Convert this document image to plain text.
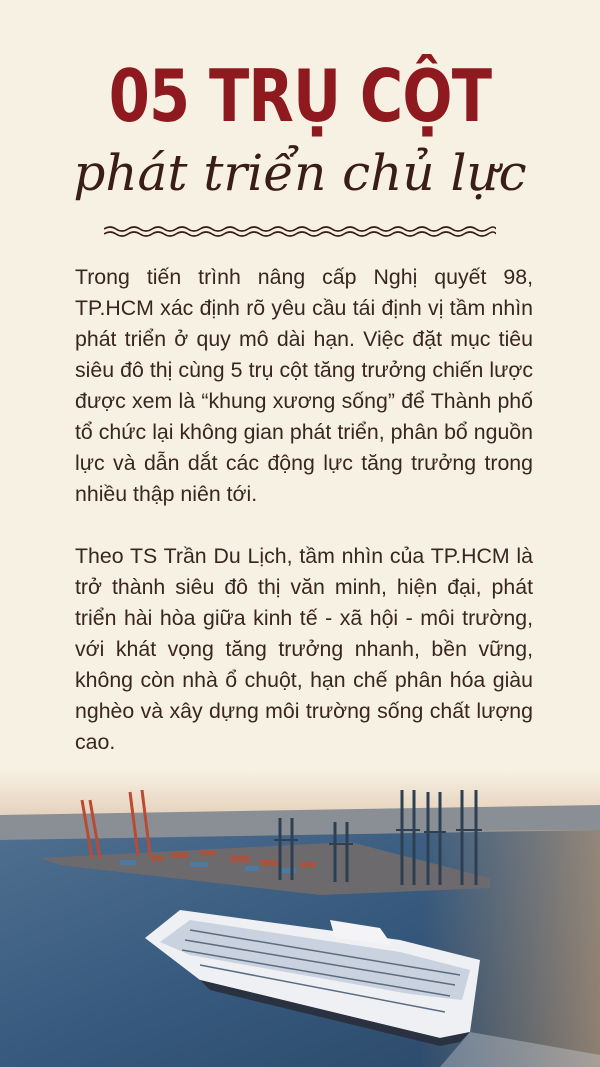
05 TRỤ CỘT
phát triển chủ lực

Trong tiến trình nâng cấp Nghị quyết 98, TP.HCM xác định rõ yêu cầu tái định vị tầm nhìn phát triển ở quy mô dài hạn. Việc đặt mục tiêu siêu đô thị cùng 5 trụ cột tăng trưởng chiến lược được xem là “khung xương sống” để Thành phố tổ chức lại không gian phát triển, phân bổ nguồn lực và dẫn dắt các động lực tăng trưởng trong nhiều thập niên tới.

Theo TS Trần Du Lịch, tầm nhìn của TP.HCM là trở thành siêu đô thị văn minh, hiện đại, phát triển hài hòa giữa kinh tế - xã hội - môi trường, với khát vọng tăng trưởng nhanh, bền vững, không còn nhà ổ chuột, hạn chế phân hóa giàu nghèo và xây dựng môi trường sống chất lượng cao.
